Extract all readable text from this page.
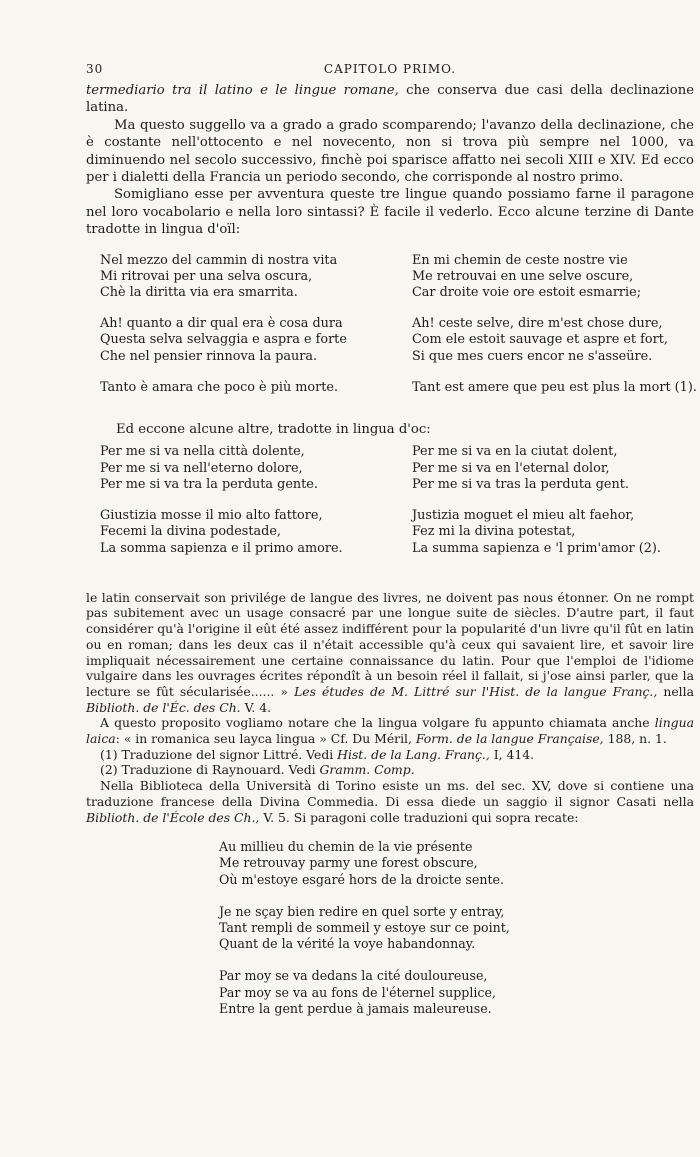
30	CAPITOLO PRIMO.

termediario tra il latino e le lingue romane, che conserva due casi della declinazione latina.

Ma questo suggello va a grado a grado scomparendo; l'avanzo della declinazione, che è costante nell'ottocento e nel novecento, non si trova più sempre nel 1000, va diminuendo nel secolo successivo, finchè poi sparisce affatto nei secoli XIII e XIV. Ed ecco per i dialetti della Francia un periodo secondo, che corrisponde al nostro primo.

Somigliano esse per avventura queste tre lingue quando possiamo farne il paragone nel loro vocabolario e nella loro sintassi? È facile il vederlo. Ecco alcune terzine di Dante tradotte in lingua d'oïl:

Nel mezzo del cammin di nostra vita
Mi ritrovai per una selva oscura,
Chè la diritta via era smarrita.
Ah! quanto a dir qual era è cosa dura
Questa selva selvaggia e aspra e forte
Che nel pensier rinnova la paura.
Tanto è amara che poco è più morte.
En mi chemin de ceste nostre vie
Me retrouvai en une selve oscure,
Car droite voie ore estoit esmarrie;
Ah! ceste selve, dire m'est chose dure,
Com ele estoit sauvage et aspre et fort,
Si que mes cuers encor ne s'asseüre.
Tant est amere que peu est plus la mort (1).
Ed eccone alcune altre, tradotte in lingua d'oc:
Per me si va nella città dolente,
Per me si va nell'eterno dolore,
Per me si va tra la perduta gente.
Giustizia mosse il mio alto fattore,
Fecemi la divina podestade,
La somma sapienza e il primo amore.
Per me si va en la ciutat dolent,
Per me si va en l'eternal dolor,
Per me si va tras la perduta gent.
Justizia moguet el mieu alt faehor,
Fez mi la divina potestat,
La summa sapienza e 'l prim'amor (2).

le latin conservait son privilége de langue des livres, ne doivent pas nous étonner. On ne rompt pas subitement avec un usage consacré par une longue suite de siècles. D'autre part, il faut considérer qu'à l'origine il eût été assez indifférent pour la popularité d'un livre qu'il fût en latin ou en roman; dans les deux cas il n'était accessible qu'à ceux qui savaient lire, et savoir lire impliquait nécessairement une certaine connaissance du latin. Pour que l'emploi de l'idiome vulgaire dans les ouvrages écrites répondît à un besoin réel il fallait, si j'ose ainsi parler, que la lecture se fût sécularisée...... » Les études de M. Littré sur l'Hist. de la langue Franç., nella Biblioth. de l'Éc. des Ch. V. 4.

A questo proposito vogliamo notare che la lingua volgare fu appunto chiamata anche lingua laica: « in romanica seu layca lingua » Cf. Du Méril, Form. de la langue Française, 188, n. 1.

(1) Traduzione del signor Littré. Vedi Hist. de la Lang. Franç., I, 414.

(2) Traduzione di Raynouard. Vedi Gramm. Comp.

Nella Biblioteca della Università di Torino esiste un ms. del sec. XV, dove si contiene una traduzione francese della Divina Commedia. Di essa diede un saggio il signor Casati nella Biblioth. de l'École des Ch., V. 5. Si paragoni colle traduzioni qui sopra recate:

Au millieu du chemin de la vie présente
Me retrouvay parmy une forest obscure,
Où m'estoye esgaré hors de la droicte sente.
Je ne sçay bien redire en quel sorte y entray,
Tant rempli de sommeil y estoye sur ce point,
Quant de la vérité la voye habandonnay.
Par moy se va dedans la cité douloureuse,
Par moy se va au fons de l'éternel supplice,
Entre la gent perdue à jamais maleureuse.
